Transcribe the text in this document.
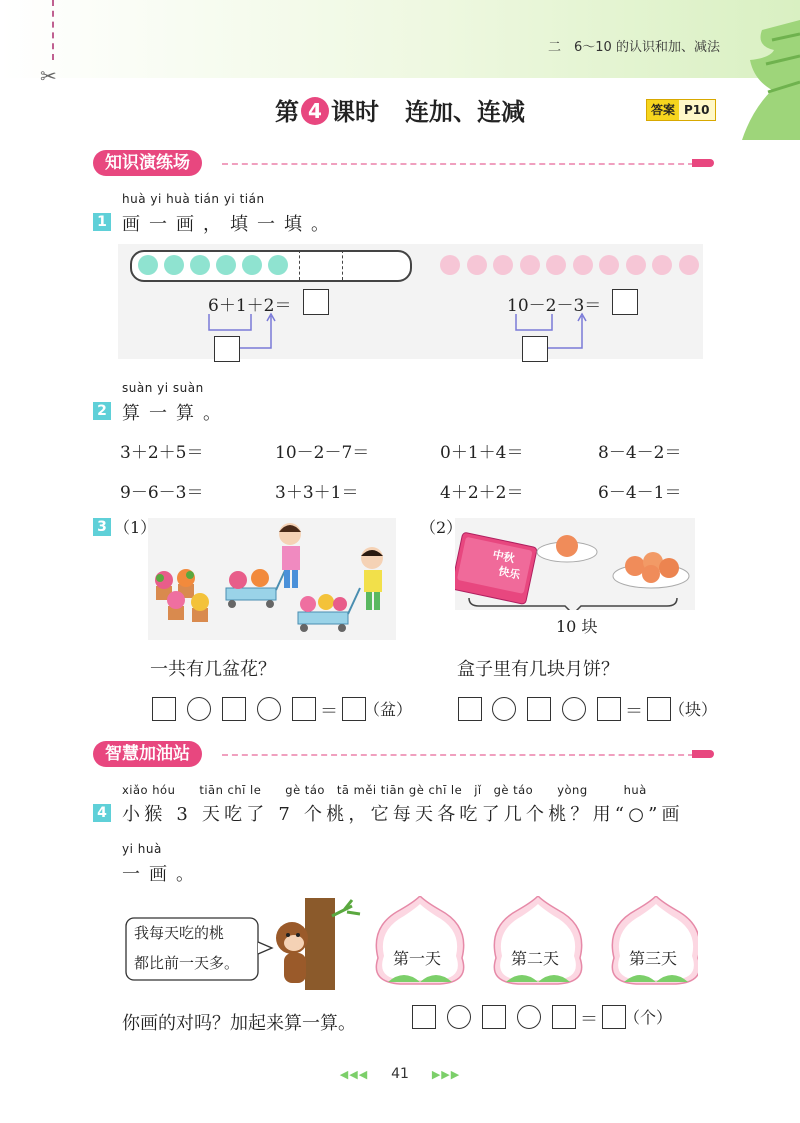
✂
二　6～10 的认识和加、减法
第 4 课时 连加、连减	答案 P10
知识演练场
huà yi huà tián yi tián
1 画一画，填一填。
6＋1＋2＝	10－2－3＝
suàn yi suàn
2 算一算。
3＋2＋5＝	10－2－7＝	0＋1＋4＝	8－4－2＝
9－6－3＝	3＋3＋1＝	4＋2＋2＝	6－4－1＝
3 （1）	（2）
中秋
快乐
10 块
一共有几盆花？	盒子里有几块月饼？
＝ （盆）	＝ （块）
智慧加油站
xiǎo hóu　　tiān chī le　　gè táo　tā měi tiān gè chī le　jǐ　gè táo　　yòng　　　huà
4 小猴 3 天吃了 7 个桃，它每天各吃了几个桃？用“○”画
yi huà
一画。
我每天吃的桃
都比前一天多。	第一天	第二天	第三天
你画的对吗？加起来算一算。	＝ （个）
◀◀◀ 41 ▶▶▶
